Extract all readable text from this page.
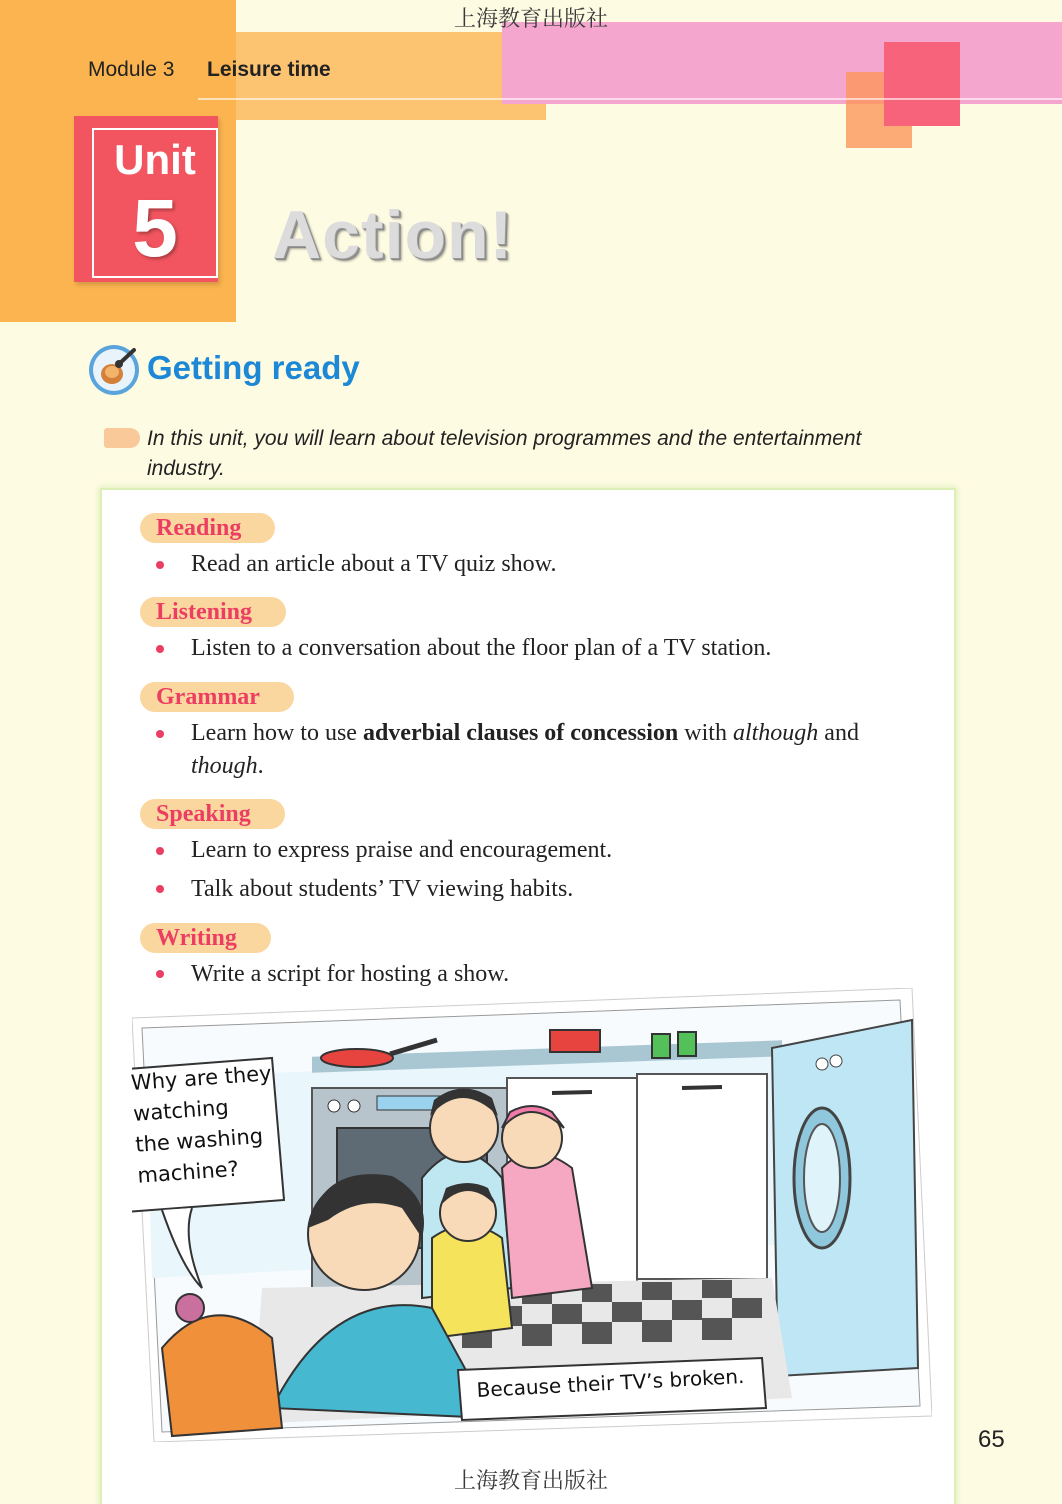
上海教育出版社
Module 3 Leisure time
Unit
5	Action!
Getting ready
In this unit, you will learn about television programmes and the entertainment industry.
Reading
Read an article about a TV quiz show.
Listening
Listen to a conversation about the floor plan of a TV station.
Grammar
Learn how to use adverbial clauses of concession with although and
though.
Speaking
Learn to express praise and encouragement.
Talk about students’ TV viewing habits.
Writing
Write a script for hosting a show.
Why are they
watching
the washing
machine?
Because their TV’s broken.
65
上海教育出版社
